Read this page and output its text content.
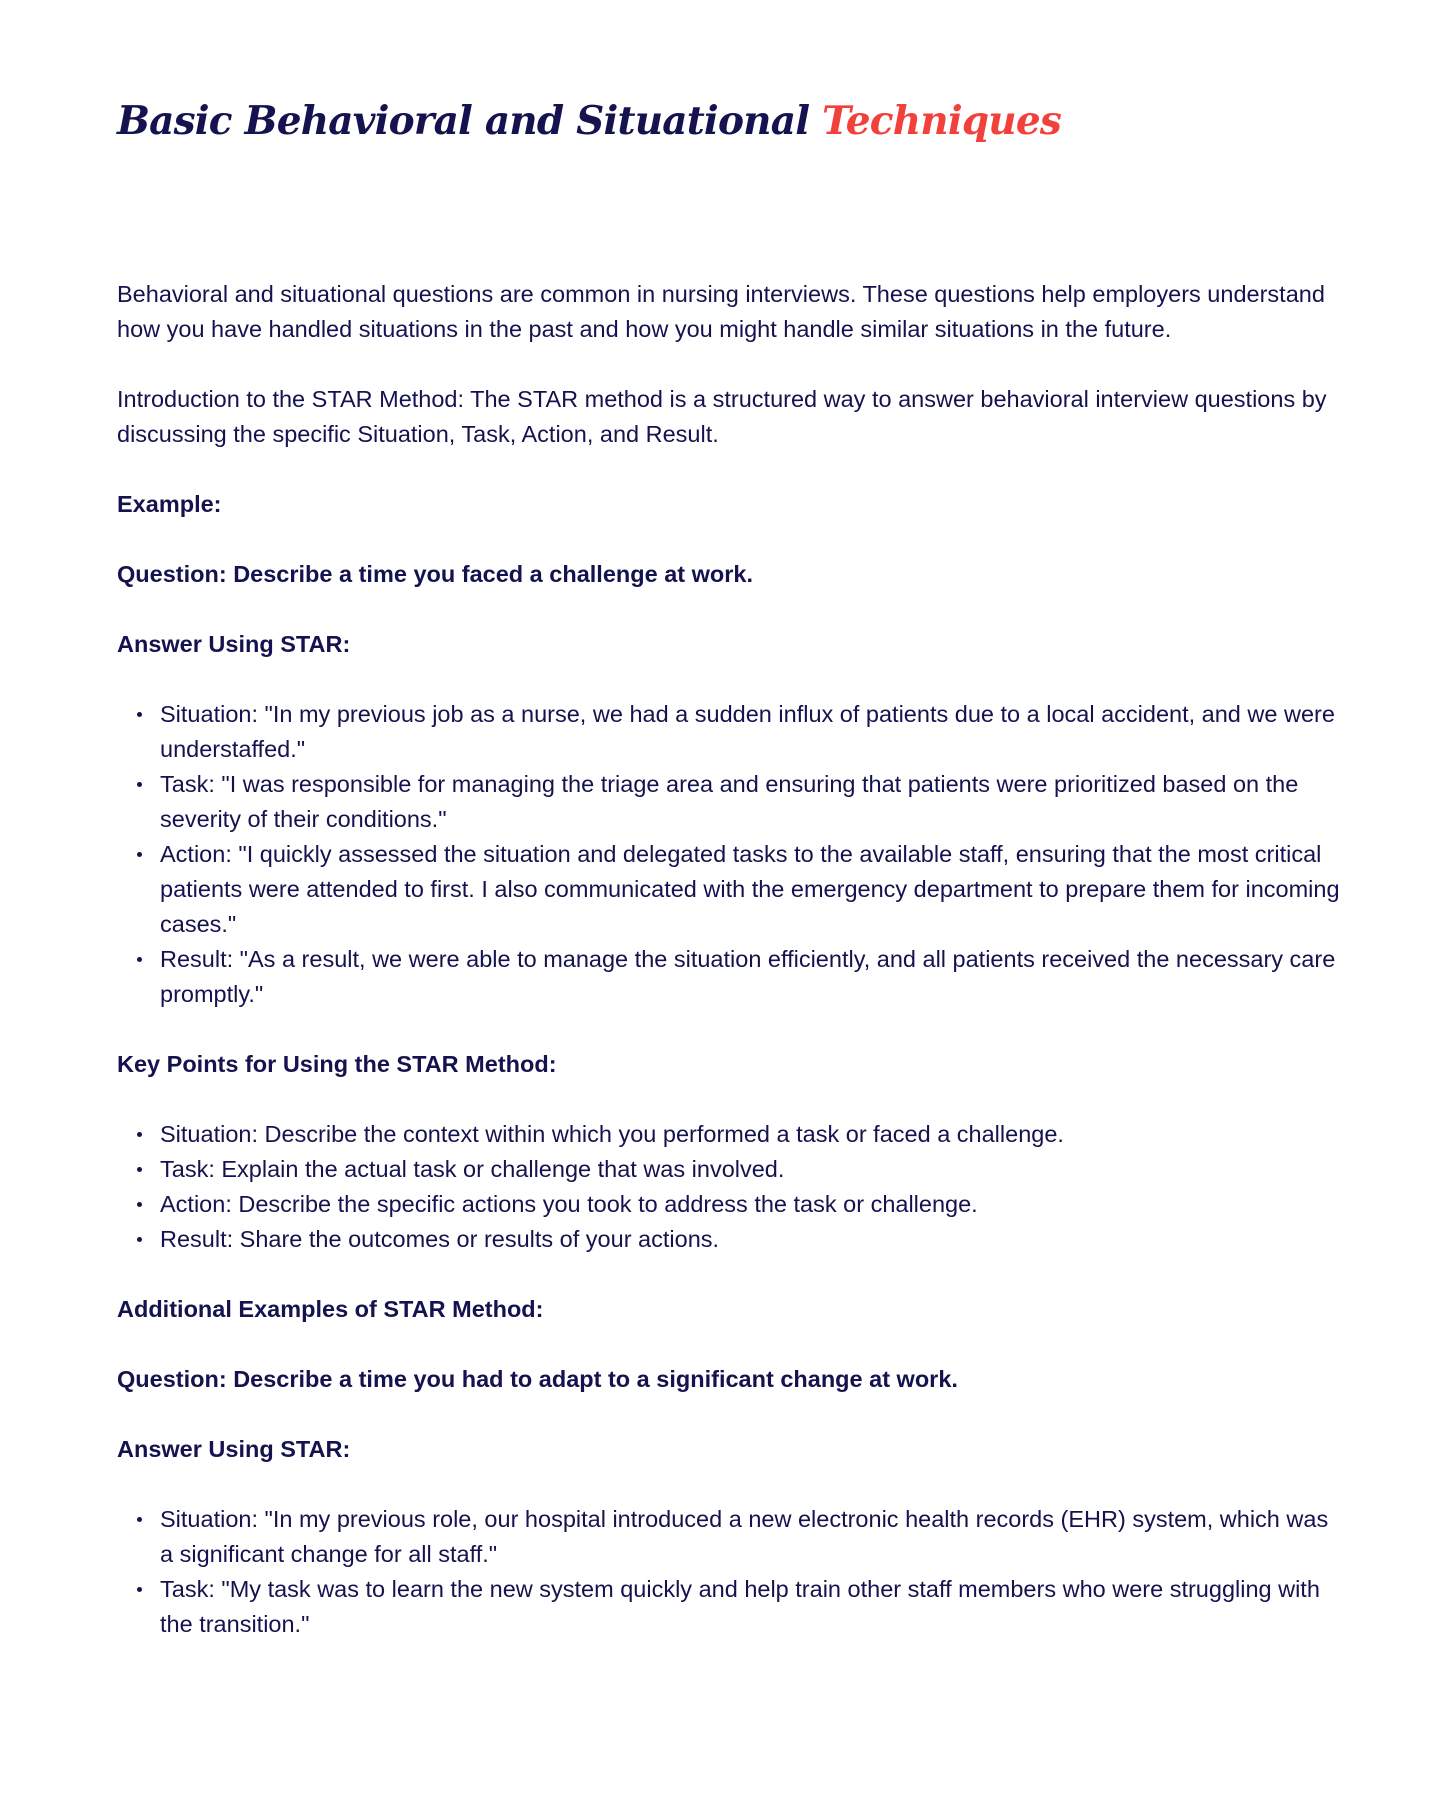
Basic Behavioral and Situational Techniques

Behavioral and situational questions are common in nursing interviews. These questions help employers understand how you have handled situations in the past and how you might handle similar situations in the future.

Introduction to the STAR Method: The STAR method is a structured way to answer behavioral interview questions by discussing the specific Situation, Task, Action, and Result.

Example:

Question: Describe a time you faced a challenge at work.

Answer Using STAR:

Situation: "In my previous job as a nurse, we had a sudden influx of patients due to a local accident, and we were understaffed."
Task: "I was responsible for managing the triage area and ensuring that patients were prioritized based on the severity of their conditions."
Action: "I quickly assessed the situation and delegated tasks to the available staff, ensuring that the most critical patients were attended to first. I also communicated with the emergency department to prepare them for incoming cases."
Result: "As a result, we were able to manage the situation efficiently, and all patients received the necessary care promptly."

Key Points for Using the STAR Method:

Situation: Describe the context within which you performed a task or faced a challenge.
Task: Explain the actual task or challenge that was involved.
Action: Describe the specific actions you took to address the task or challenge.
Result: Share the outcomes or results of your actions.

Additional Examples of STAR Method:

Question: Describe a time you had to adapt to a significant change at work.

Answer Using STAR:

Situation: "In my previous role, our hospital introduced a new electronic health records (EHR) system, which was a significant change for all staff."
Task: "My task was to learn the new system quickly and help train other staff members who were struggling with the transition."
